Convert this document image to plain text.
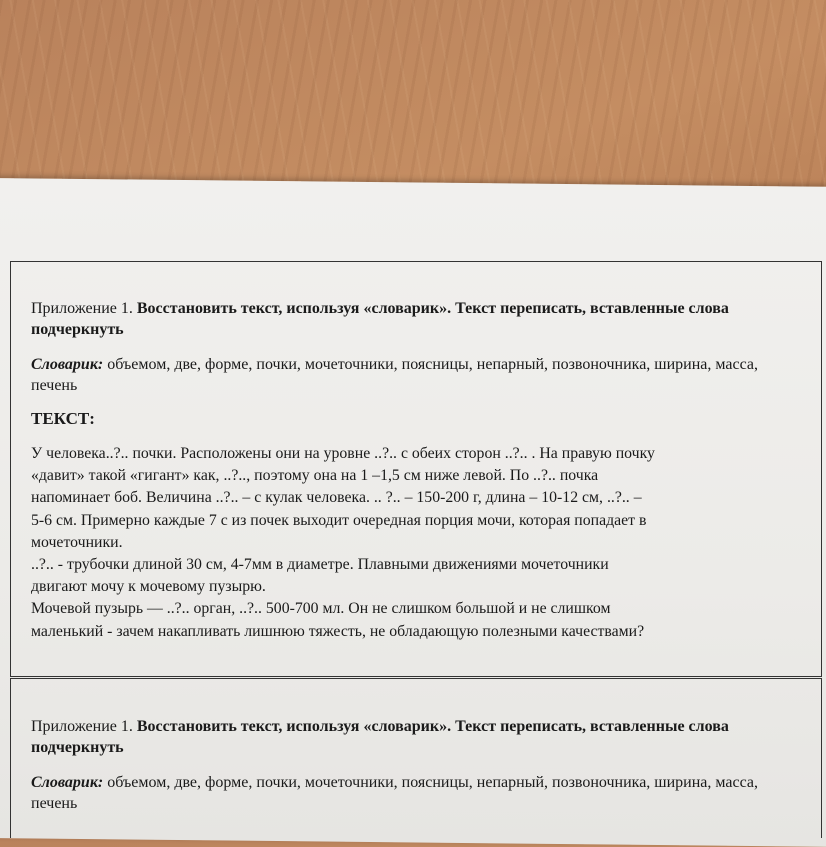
Приложение 1. Восстановить текст, используя «словарик». Текст переписать, вставленные слова подчеркнуть
Словарик: объемом, две, форме, почки, мочеточники, поясницы, непарный, позвоночника, ширина, масса, печень
ТЕКСТ:
У человека..?.. почки. Расположены они на уровне ..?.. с обеих сторон ..?.. . На правую почку
«давит» такой «гигант» как, ..?.., поэтому она на 1 –1,5 см ниже левой. По ..?.. почка
напоминает боб. Величина ..?.. – с кулак человека. .. ?.. – 150-200 г, длина – 10-12 см, ..?.. –
5-6 см. Примерно каждые 7 с из почек выходит очередная порция мочи, которая попадает в
мочеточники.
..?.. - трубочки длиной 30 см, 4-7мм в диаметре. Плавными движениями мочеточники
двигают мочу к мочевому пузырю.
Мочевой пузырь — ..?.. орган, ..?.. 500-700 мл. Он не слишком большой и не слишком
маленький - зачем накапливать лишнюю тяжесть, не обладающую полезными качествами?
Приложение 1. Восстановить текст, используя «словарик». Текст переписать, вставленные слова подчеркнуть
Словарик: объемом, две, форме, почки, мочеточники, поясницы, непарный, позвоночника, ширина, масса, печень
